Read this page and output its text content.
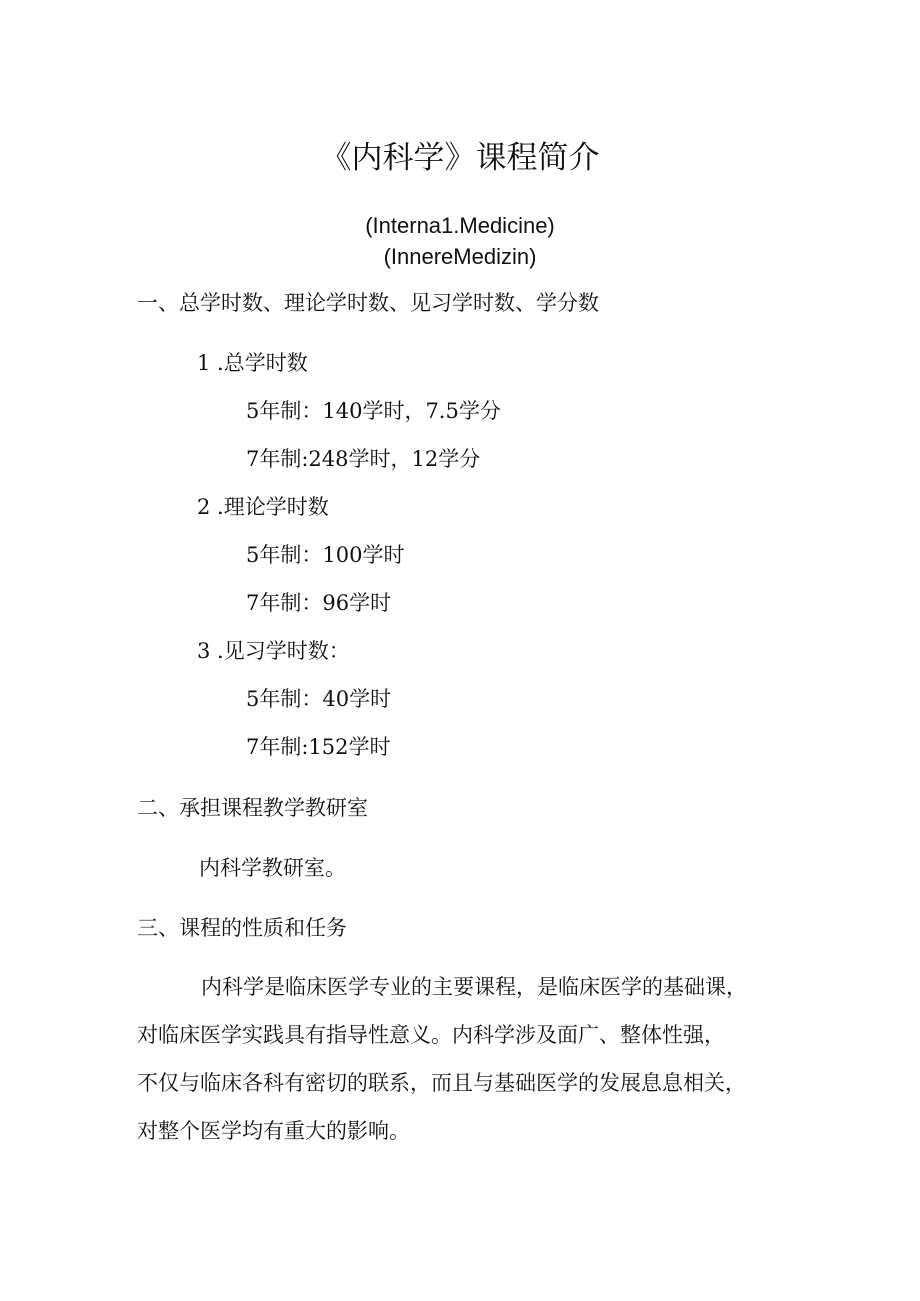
《内科学》课程简介
(Interna1.Medicine)
(InnereMedizin)
一、总学时数、理论学时数、见习学时数、学分数
1 .总学时数
5年制：140学时，7.5学分
7年制:248学时，12学分
2 .理论学时数
5年制：100学时
7年制：96学时
3 .见习学时数：
5年制：40学时
7年制:152学时
二、承担课程教学教研室
内科学教研室。
三、课程的性质和任务
内科学是临床医学专业的主要课程，是临床医学的基础课，
对临床医学实践具有指导性意义。内科学涉及面广、整体性强，
不仅与临床各科有密切的联系，而且与基础医学的发展息息相关，
对整个医学均有重大的影响。
